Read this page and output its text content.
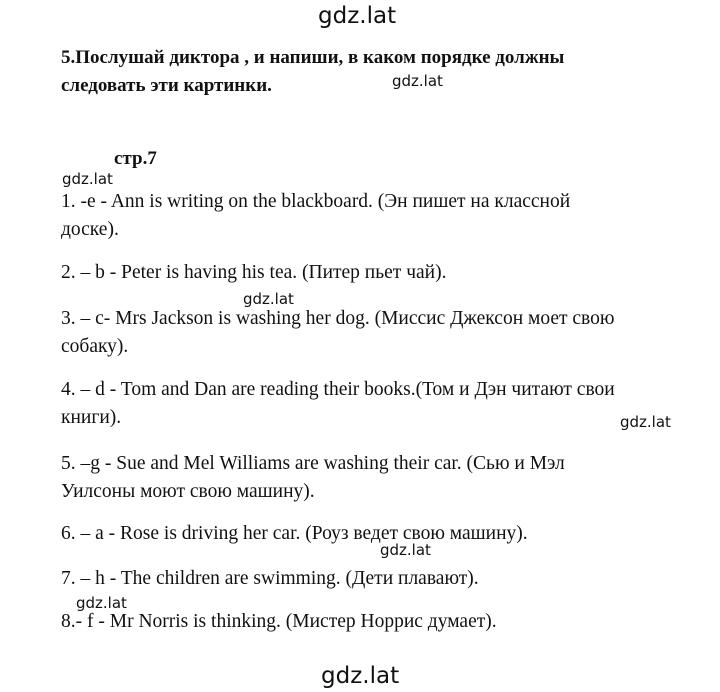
gdz.lat
gdz.lat
gdz.lat
gdz.lat
gdz.lat
gdz.lat
gdz.lat
gdz.lat
5.Послушай диктора , и напиши, в каком порядке должны
следовать эти картинки.
стр.7
1. -e - Ann is writing on the blackboard. (Эн пишет на классной
доске).
2. – b - Peter is having his tea. (Питер пьет чай).
3. – c- Mrs Jackson is washing her dog. (Миссис Джексон моет свою
собаку).
4. – d - Tom and Dan are reading their books.(Том и Дэн читают свои
книги).
5. –g - Sue and Mel Williams are washing their car. (Сью и Мэл
Уилсоны моют свою машину).
6. – a - Rose is driving her car. (Роуз ведет свою машину).
7. – h - The children are swimming. (Дети плавают).
8.- f - Mr Norris is thinking. (Мистер Норрис думает).
